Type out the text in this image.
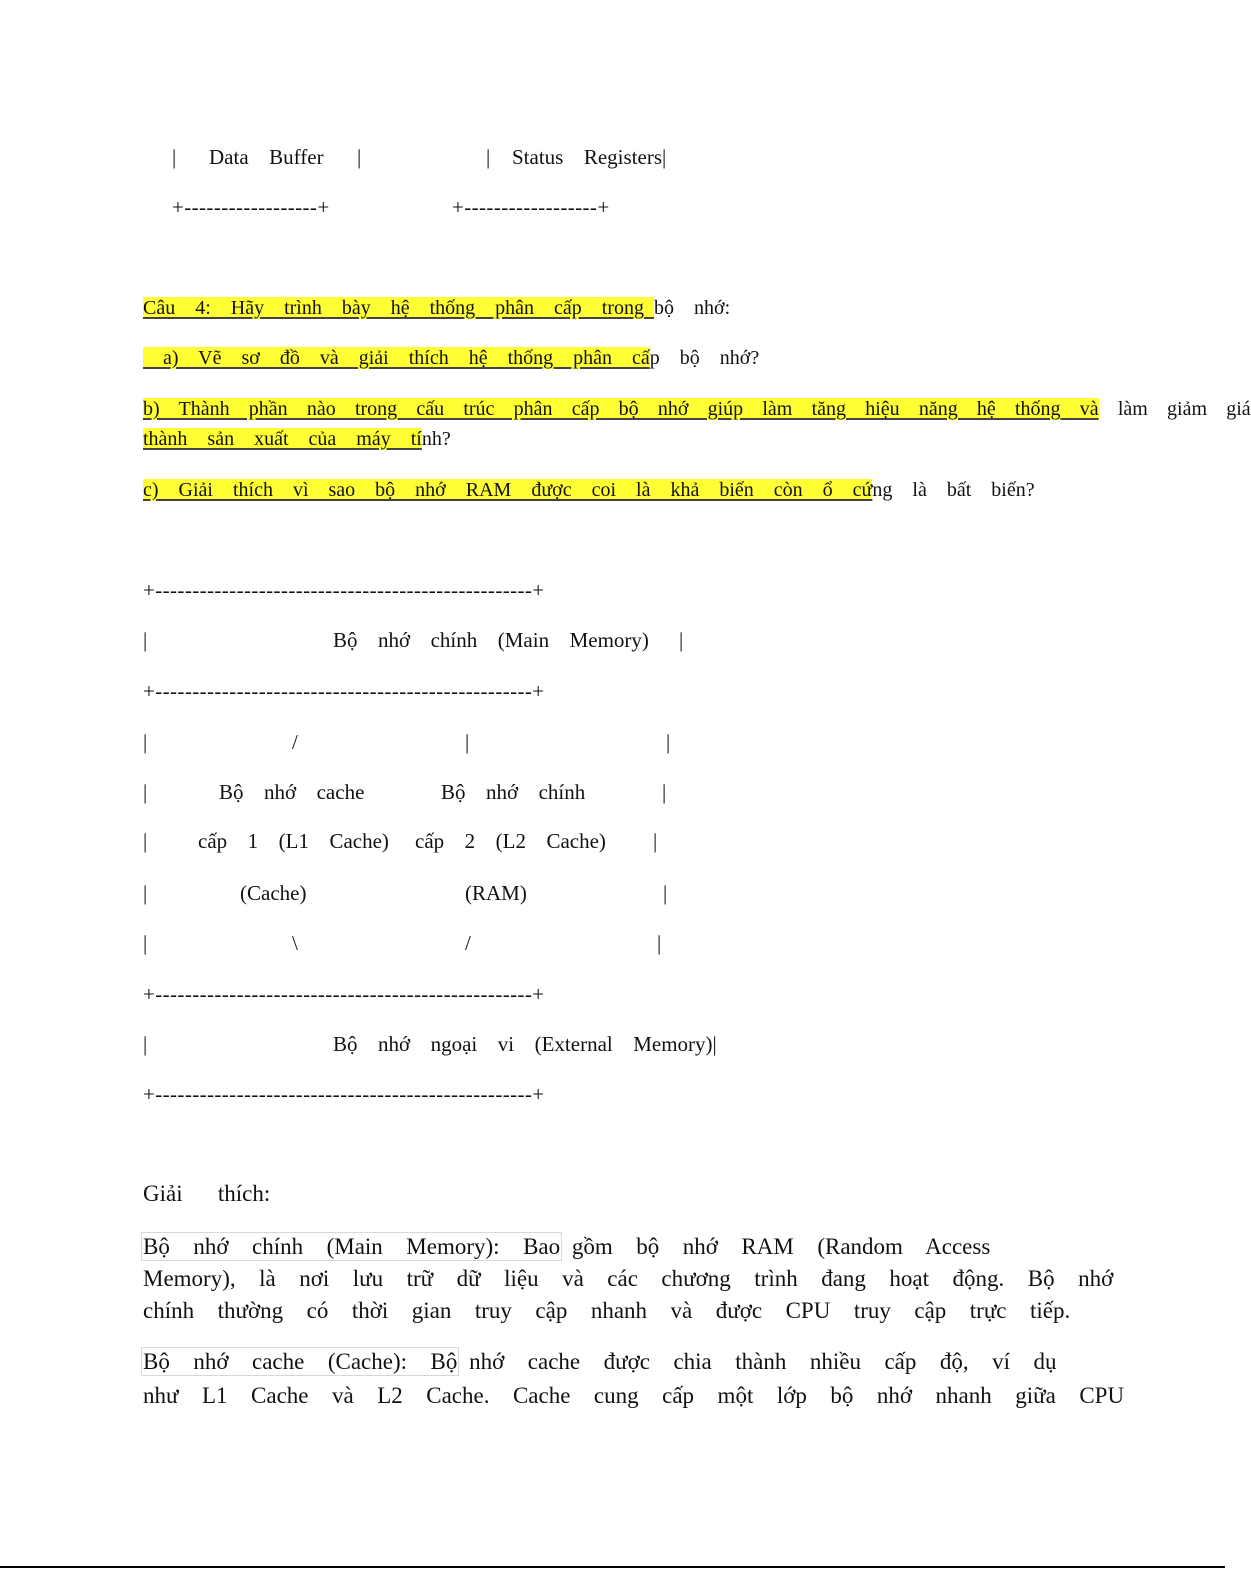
| Data  Buffer |	| Status  Registers|
+------------------+	+------------------+
Câu  4:  Hãy  trình  bày  hệ  thống  phân  cấp  trong bộ  nhớ:
a)  Vẽ  sơ  đồ  và  giải  thích  hệ  thống  phân  cấp  bộ  nhớ?
b)  Thành  phần  nào  trong  cấu  trúc  phân  cấp  bộ  nhớ  giúp  làm  tăng  hiệu  năng  hệ  thống  và  làm  giảm  giá
thành  sản  xuất  của  máy  tính?
c)  Giải  thích  vì  sao  bộ  nhớ  RAM  được  coi  là  khả  biến  còn  ổ  cứng  là  bất  biến?
+---------------------------------------------------+
|	Bộ  nhớ  chính  (Main  Memory) |
+---------------------------------------------------+
|	/	|	|
|	Bộ  nhớ  cache	Bộ  nhớ  chính	|
| cấp  1  (L1  Cache) cấp  2  (L2  Cache) |
|	(Cache)	(RAM)	|
|	\	/	|
+---------------------------------------------------+
|	Bộ  nhớ  ngoại  vi  (External  Memory)|
+---------------------------------------------------+
Giải   thích:
Bộ  nhớ  chính  (Main  Memory):  Bao gồm  bộ  nhớ  RAM  (Random  Access
Memory),  là  nơi  lưu  trữ  dữ  liệu  và  các  chương  trình  đang  hoạt  động.  Bộ  nhớ
chính  thường  có  thời  gian  truy  cập  nhanh  và  được  CPU  truy  cập  trực  tiếp.
Bộ  nhớ  cache  (Cache):  Bộ nhớ  cache  được  chia  thành  nhiều  cấp  độ,  ví  dụ
như  L1  Cache  và  L2  Cache.  Cache  cung  cấp  một  lớp  bộ  nhớ  nhanh  giữa  CPU
